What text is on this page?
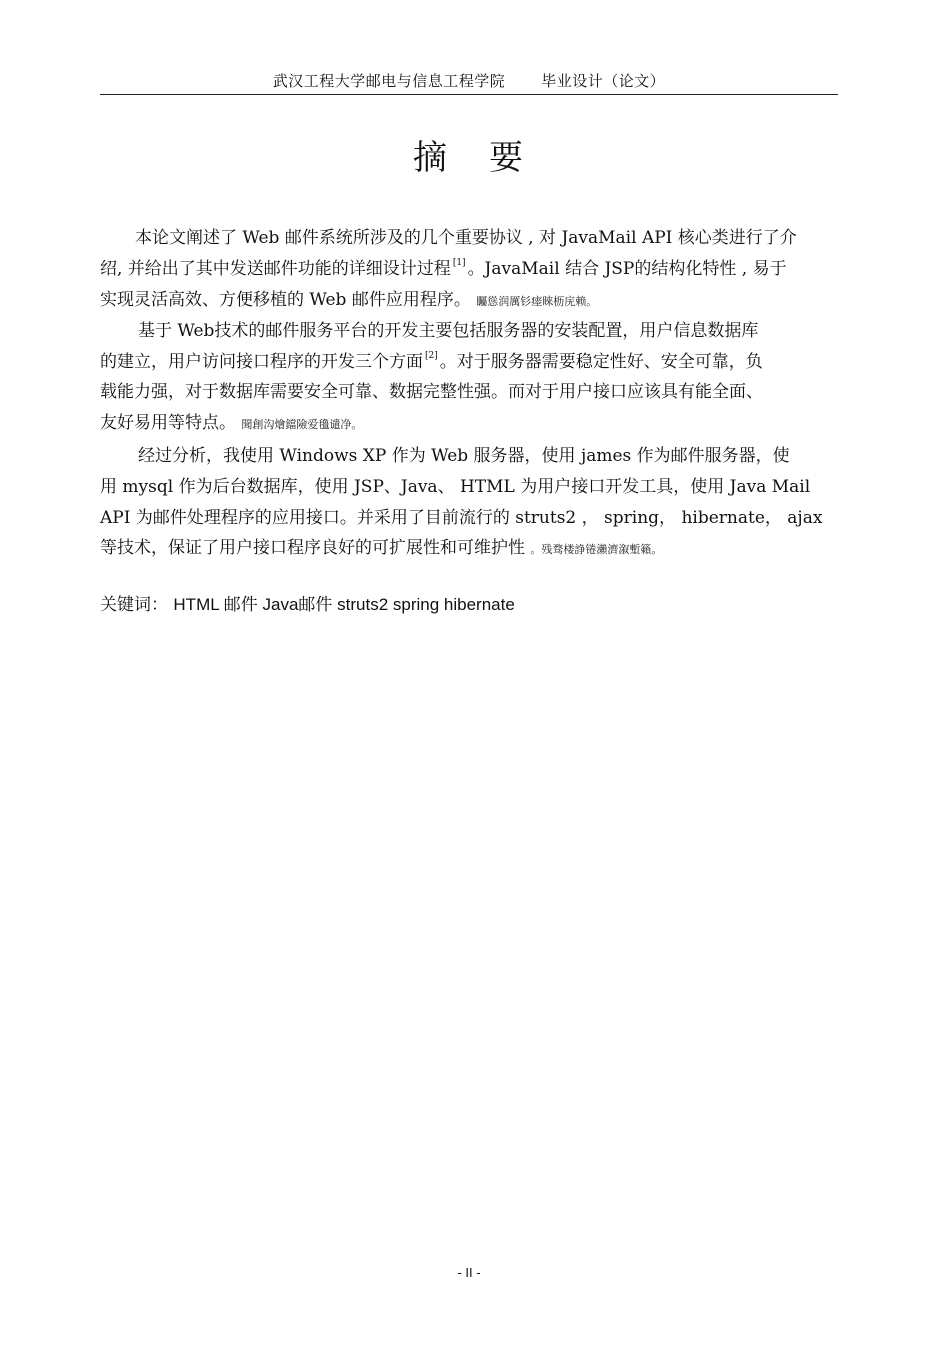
武汉工程大学邮电与信息工程学院 毕业设计（论文）
摘 要
本论文阐述了 Web 邮件系统所涉及的几个重要协议 , 对 JavaMail API 核心类进行了介
绍, 并给出了其中发送邮件功能的详细设计过程 [1] 。JavaMail 结合 JSP的结构化特性 , 易于
实现灵活高效、方便移植的 Web 邮件应用程序。 矚慫润厲钐瘗睞枥庑赖。
基于 Web技术的邮件服务平台的开发主要包括服务器的安装配置，用户信息数据库
的建立，用户访问接口程序的开发三个方面 [2] 。对于服务器需要稳定性好、安全可靠，负
载能力强，对于数据库需要安全可靠、数据完整性强。而对于用户接口应该具有能全面、
友好易用等特点。 聞創沟燴鐺險爱氇谴净。
经过分析，我使用 Windows XP 作为 Web 服务器，使用 james 作为邮件服务器，使
用 mysql 作为后台数据库，使用 JSP、Java、 HTML 为用户接口开发工具，使用 Java Mail
API 为邮件处理程序的应用接口。并采用了目前流行的 struts2 ， spring， hibernate， ajax
等技术，保证了用户接口程序良好的可扩展性和可维护性 。残骛楼諍锩瀨濟溆塹籟。
关键词： HTML 邮件 Java邮件 struts2 spring hibernate
- II -
